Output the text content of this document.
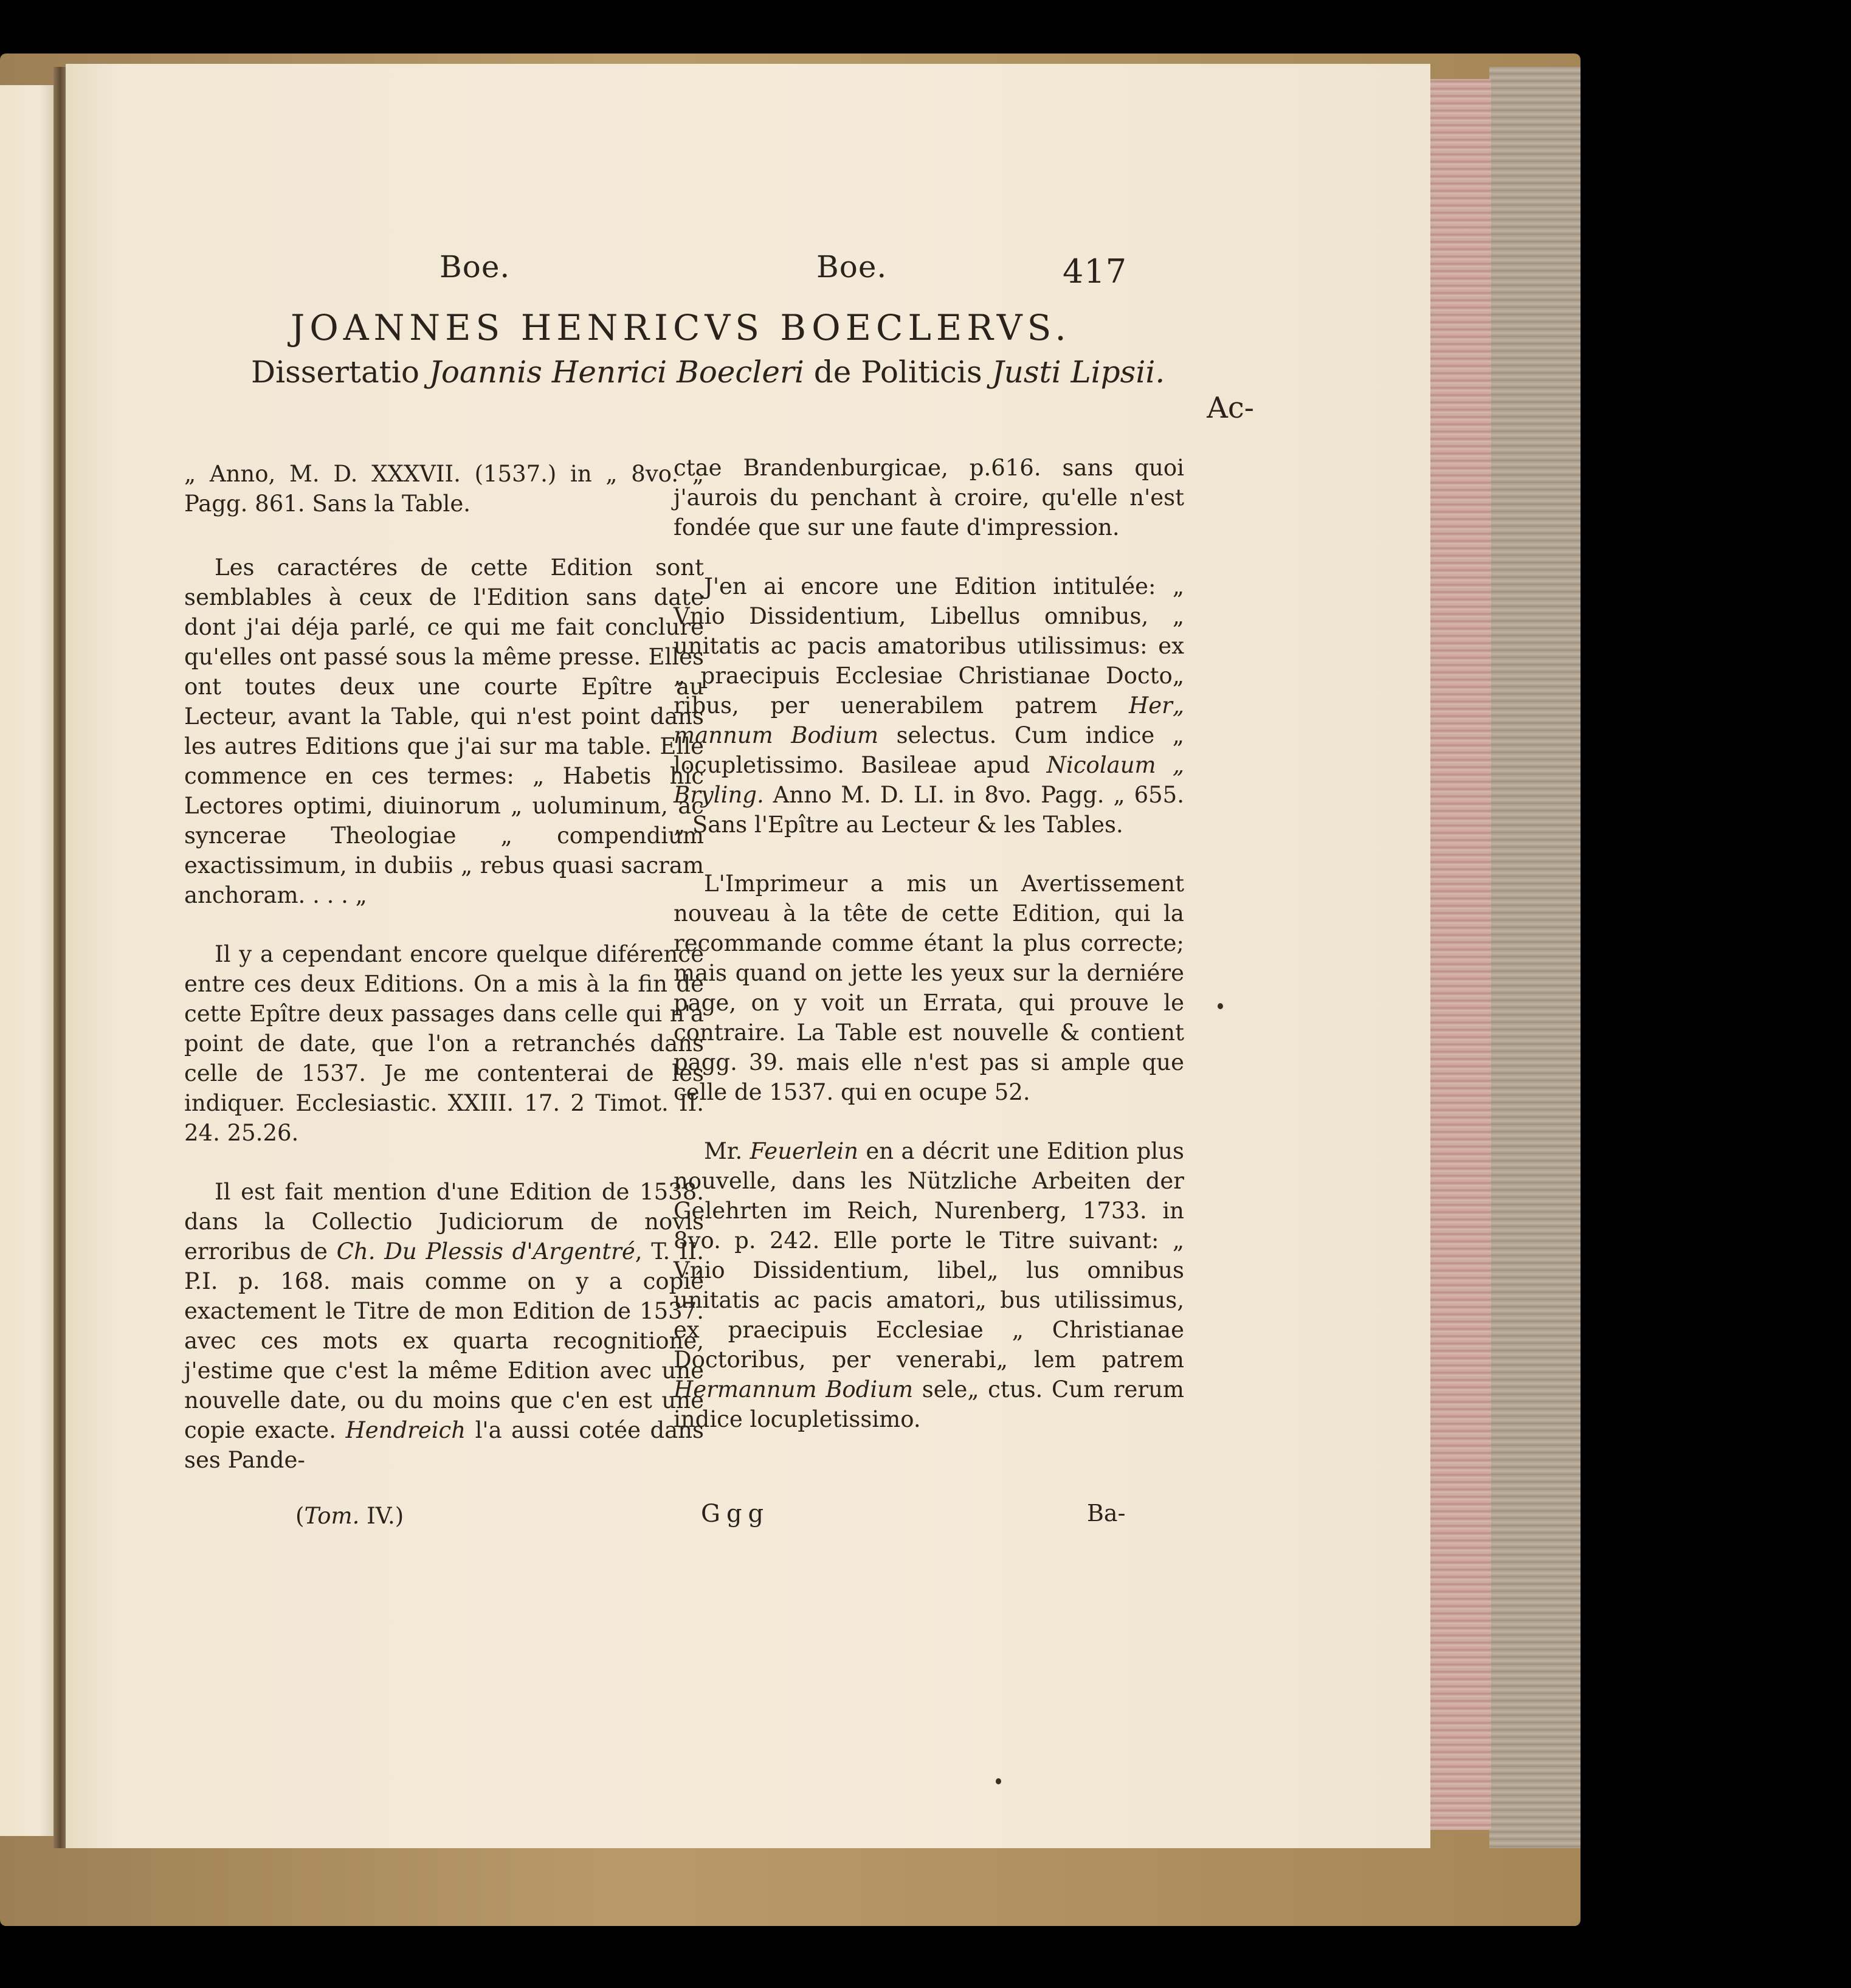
Boe.	Boe.	417
JOANNES HENRICVS BOECLERVS.
Dissertatio Joannis Henrici Boecleri de Politicis Justi Lipsii.
Ac-

„ Anno, M. D. XXXVII. (1537.) in „ 8vo. „ Pagg. 861. Sans la Table.

Les caractéres de cette Edition sont semblables à ceux de l'Edition sans date dont j'ai déja parlé, ce qui me fait conclure qu'elles ont passé sous la même presse. Elles ont toutes deux une courte Epître au Lecteur, avant la Table, qui n'est point dans les autres Editions que j'ai sur ma table. Elle commence en ces termes: „ Habetis hic Lectores optimi, diuinorum „ uoluminum, ac syncerae Theologiae „ compendium exactissimum, in dubiis „ rebus quasi sacram anchoram. . . . „

Il y a cependant encore quelque diférence entre ces deux Editions. On a mis à la fin de cette Epître deux passages dans celle qui n'a point de date, que l'on a retranchés dans celle de 1537. Je me contenterai de les indiquer. Ecclesiastic. XXIII. 17. 2 Timot. II. 24. 25.26.

Il est fait mention d'une Edition de 1538. dans la Collectio Judiciorum de novis erroribus de Ch. Du Plessis d'Argentré, T. II. P.I. p. 168. mais comme on y a copié exactement le Titre de mon Edition de 1537. avec ces mots ex quarta recognitione, j'estime que c'est la même Edition avec une nouvelle date, ou du moins que c'en est une copie exacte. Hendreich l'a aussi cotée dans ses Pande-

ctae Brandenburgicae, p.616. sans quoi j'aurois du penchant à croire, qu'elle n'est fondée que sur une faute d'impression.

J'en ai encore une Edition intitulée: „ Vnio Dissidentium, Libellus omnibus, „ unitatis ac pacis amatoribus utilissimus: ex „ praecipuis Ecclesiae Christianae Docto„ ribus, per uenerabilem patrem Her„ mannum Bodium selectus. Cum indice „ locupletissimo. Basileae apud Nicolaum „ Bryling. Anno M. D. LI. in 8vo. Pagg. „ 655. „ Sans l'Epître au Lecteur & les Tables.

L'Imprimeur a mis un Avertissement nouveau à la tête de cette Edition, qui la recommande comme étant la plus correcte; mais quand on jette les yeux sur la derniére page, on y voit un Errata, qui prouve le contraire. La Table est nouvelle & contient pagg. 39. mais elle n'est pas si ample que celle de 1537. qui en ocupe 52.

Mr. Feuerlein en a décrit une Edition plus nouvelle, dans les Nützliche Arbeiten der Gelehrten im Reich, Nurenberg, 1733. in 8vo. p. 242. Elle porte le Titre suivant: „ Vnio Dissidentium, libel„ lus omnibus unitatis ac pacis amatori„ bus utilissimus, ex praecipuis Ecclesiae „ Christianae Doctoribus, per venerabi„ lem patrem Hermannum Bodium sele„ ctus. Cum rerum indice locupletissimo.

(Tom. IV.)	Ggg	Ba-
